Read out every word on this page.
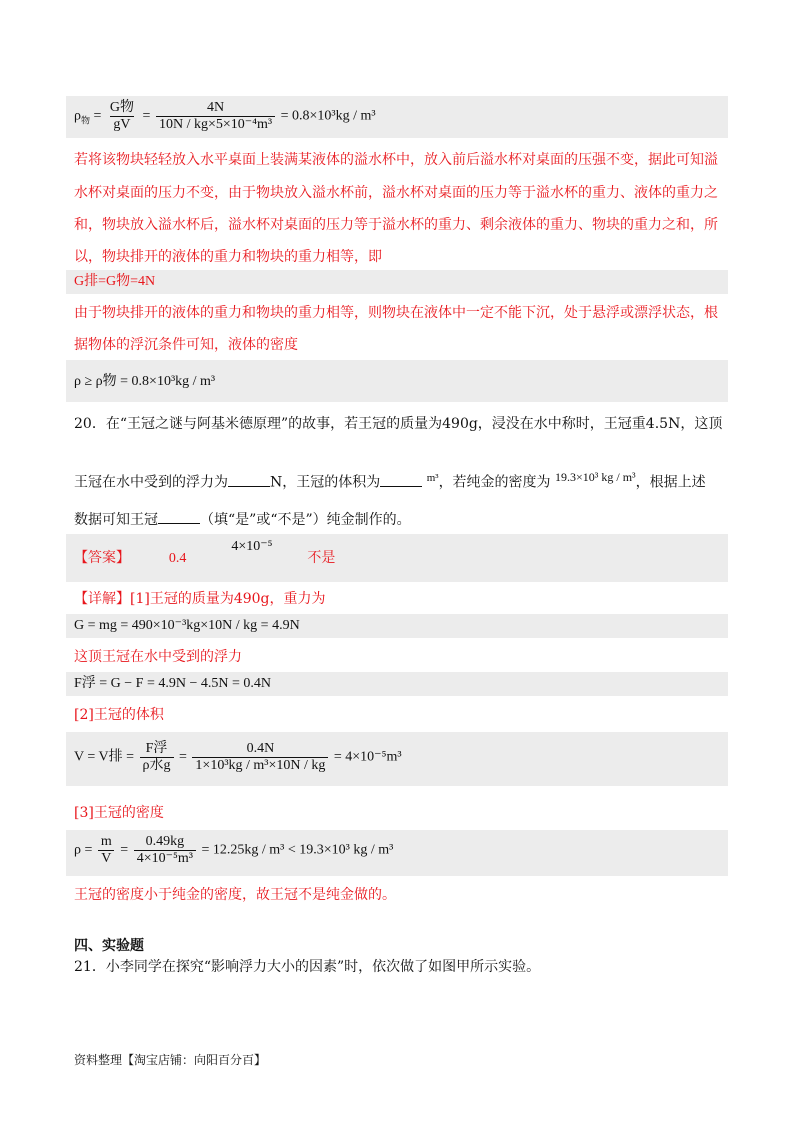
$\rho_物 = \frac{\text{G物}}{gV} = \frac{4N}{\text{10N / kg×5×10⁻⁴m³}} = 0.8\times 10^3kg / m^3$
若将该物块轻轻放入水平桌面上装满某液体的溢水杯中，放入前后溢水杯对桌面的压强不变，据此可知溢
水杯对桌面的压力不变，由于物块放入溢水杯前，溢水杯对桌面的压力等于溢水杯的重力、液体的重力之
和，物块放入溢水杯后，溢水杯对桌面的压力等于溢水杯的重力、剩余液体的重力、物块的重力之和，所
以，物块排开的液体的重力和物块的重力相等，即
G排=G物=4N
由于物块排开的液体的重力和物块的重力相等，则物块在液体中一定不能下沉，处于悬浮或漂浮状态，根
据物体的浮沉条件可知，液体的密度
ρ ≥ ρ物 = 0.8×10³kg / m³
20．在“王冠之谜与阿基米德原理”的故事，若王冠的质量为490g，浸没在水中称时，王冠重4.5N，这顶
王冠在水中受到的浮力为	N，王冠的体积为	$^{m^3}$，若纯金的密度为 19.3×10³ kg / m³，根据上述
数据可知王冠	（填“是”或“不是”）纯金制作的。
【答案】	0.4  4×10⁻⁵  不是
【详解】[1]王冠的质量为490g，重力为
G = mg = 490×10⁻³kg×10N / kg = 4.9N
这顶王冠在水中受到的浮力
F浮 = G − F = 4.9N − 4.5N = 0.4N
[2]王冠的体积
V = V排 = $\frac{\text{F浮}}{\text{ρ水g}} = \frac{0.4N}{\text{1×10³kg / m³×10N / kg}} = 4\times 10^{-5}m^3$
[3]王冠的密度
$\rho = \frac{m}{V} = \frac{0.49kg}{\text{4×10⁻⁵m³}} = 12.25kg / m^3 < 19.3\times 10^3$ kg / m³
王冠的密度小于纯金的密度，故王冠不是纯金做的。
四、实验题
21．小李同学在探究“影响浮力大小的因素”时，依次做了如图甲所示实验。
资料整理【淘宝店铺：向阳百分百】
